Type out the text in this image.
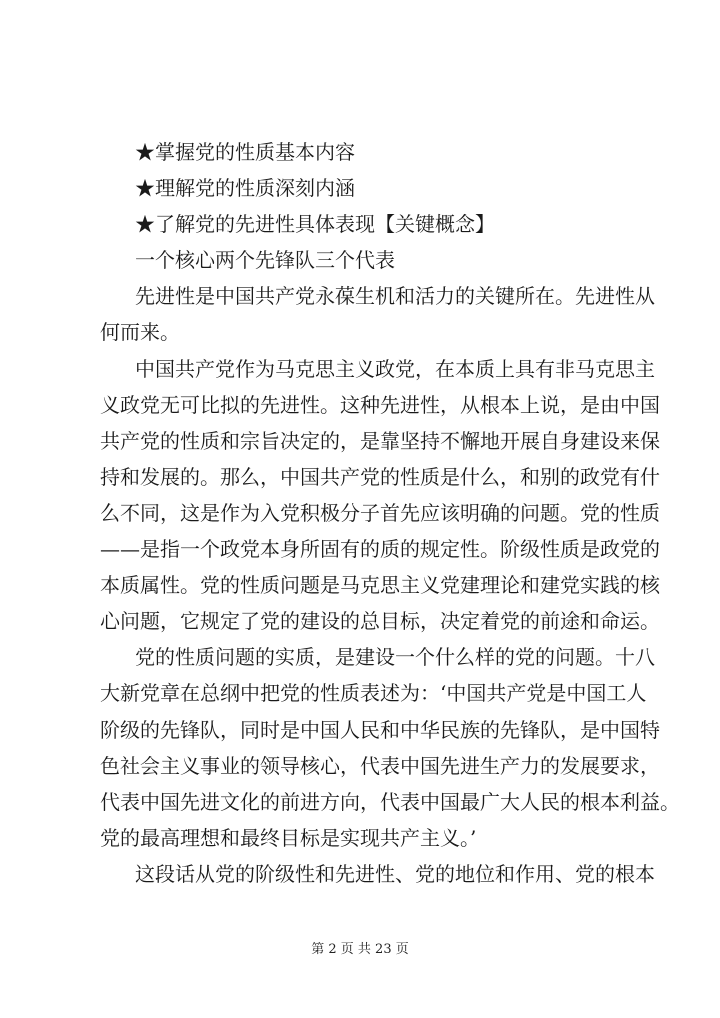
★掌握党的性质基本内容
★理解党的性质深刻内涵
★了解党的先进性具体表现【关键概念】
一个核心两个先锋队三个代表
先进性是中国共产党永葆生机和活力的关键所在。先进性从
何而来。
中国共产党作为马克思主义政党，在本质上具有非马克思主
义政党无可比拟的先进性。这种先进性，从根本上说，是由中国
共产党的性质和宗旨决定的，是靠坚持不懈地开展自身建设来保
持和发展的。那么，中国共产党的性质是什么，和别的政党有什
么不同，这是作为入党积极分子首先应该明确的问题。党的性质
——是指一个政党本身所固有的质的规定性。阶级性质是政党的
本质属性。党的性质问题是马克思主义党建理论和建党实践的核
心问题，它规定了党的建设的总目标，决定着党的前途和命运。
党的性质问题的实质，是建设一个什么样的党的问题。十八
大新党章在总纲中把党的性质表述为：‘中国共产党是中国工人
阶级的先锋队，同时是中国人民和中华民族的先锋队，是中国特
色社会主义事业的领导核心，代表中国先进生产力的发展要求，
代表中国先进文化的前进方向，代表中国最广大人民的根本利益。
党的最高理想和最终目标是实现共产主义。’
这段话从党的阶级性和先进性、党的地位和作用、党的根本
第 2 页 共 23 页
